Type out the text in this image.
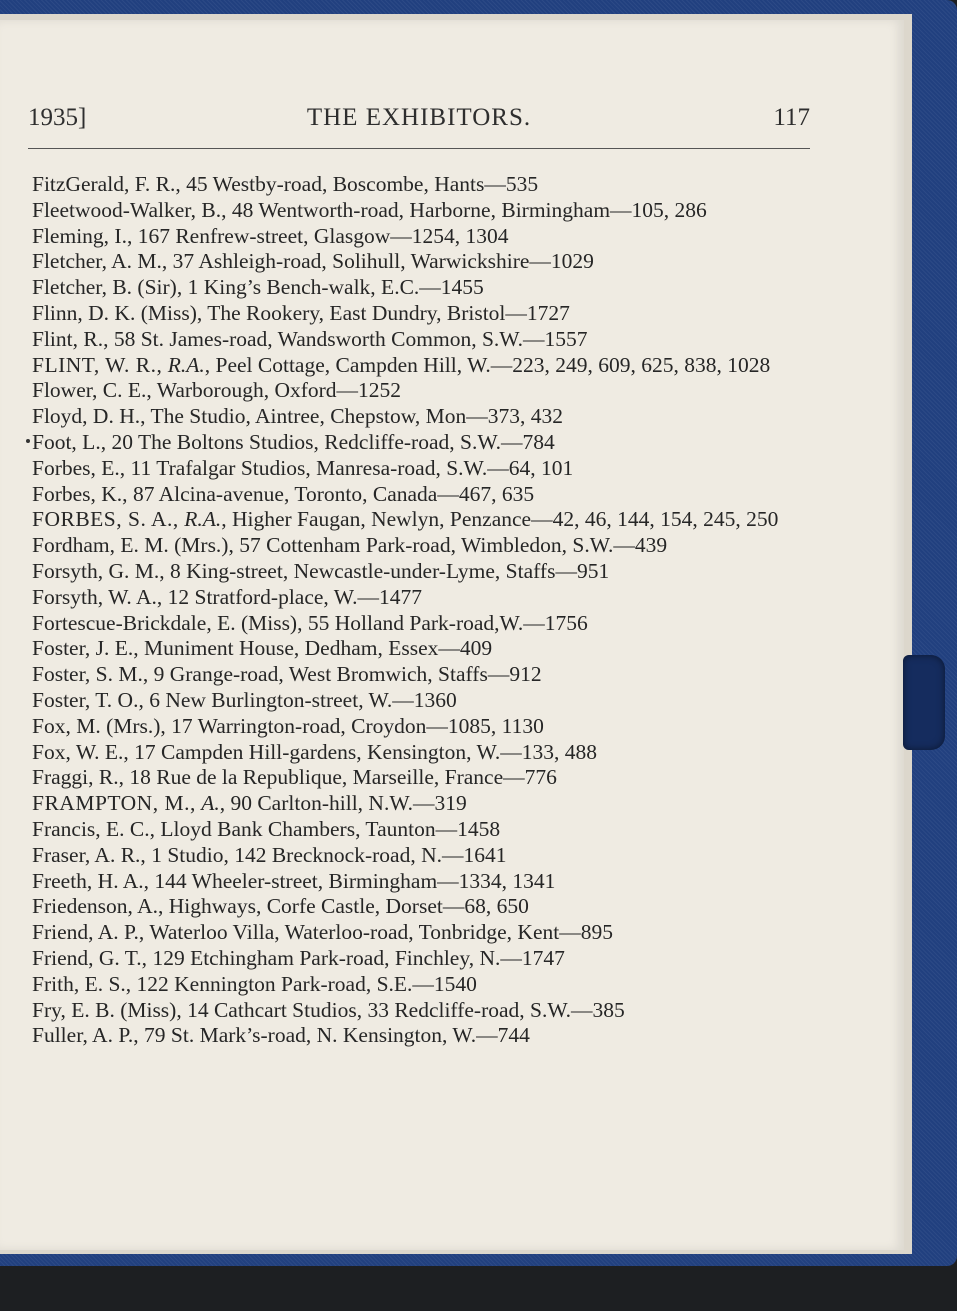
1935]	THE EXHIBITORS.	117
FitzGerald, F. R., 45 Westby-road, Boscombe, Hants—535
Fleetwood-Walker, B., 48 Wentworth-road, Harborne, Birmingham—105, 286
Fleming, I., 167 Renfrew-street, Glasgow—1254, 1304
Fletcher, A. M., 37 Ashleigh-road, Solihull, Warwickshire—1029
Fletcher, B. (Sir), 1 King’s Bench-walk, E.C.—1455
Flinn, D. K. (Miss), The Rookery, East Dundry, Bristol—1727
Flint, R., 58 St. James-road, Wandsworth Common, S.W.—1557
FLINT, W. R., R.A., Peel Cottage, Campden Hill, W.—223, 249, 609, 625, 838, 1028
Flower, C. E., Warborough, Oxford—1252
Floyd, D. H., The Studio, Aintree, Chepstow, Mon—373, 432
Foot, L., 20 The Boltons Studios, Redcliffe-road, S.W.—784
Forbes, E., 11 Trafalgar Studios, Manresa-road, S.W.—64, 101
Forbes, K., 87 Alcina-avenue, Toronto, Canada—467, 635
FORBES, S. A., R.A., Higher Faugan, Newlyn, Penzance—42, 46, 144, 154, 245, 250
Fordham, E. M. (Mrs.), 57 Cottenham Park-road, Wimbledon, S.W.—439
Forsyth, G. M., 8 King-street, Newcastle-under-Lyme, Staffs—951
Forsyth, W. A., 12 Stratford-place, W.—1477
Fortescue-Brickdale, E. (Miss), 55 Holland Park-road,W.—1756
Foster, J. E., Muniment House, Dedham, Essex—409
Foster, S. M., 9 Grange-road, West Bromwich, Staffs—912
Foster, T. O., 6 New Burlington-street, W.—1360
Fox, M. (Mrs.), 17 Warrington-road, Croydon—1085, 1130
Fox, W. E., 17 Campden Hill-gardens, Kensington, W.—133, 488
Fraggi, R., 18 Rue de la Republique, Marseille, France—776
FRAMPTON, M., A., 90 Carlton-hill, N.W.—319
Francis, E. C., Lloyd Bank Chambers, Taunton—1458
Fraser, A. R., 1 Studio, 142 Brecknock-road, N.—1641
Freeth, H. A., 144 Wheeler-street, Birmingham—1334, 1341
Friedenson, A., Highways, Corfe Castle, Dorset—68, 650
Friend, A. P., Waterloo Villa, Waterloo-road, Tonbridge, Kent—895
Friend, G. T., 129 Etchingham Park-road, Finchley, N.—1747
Frith, E. S., 122 Kennington Park-road, S.E.—1540
Fry, E. B. (Miss), 14 Cathcart Studios, 33 Redcliffe-road, S.W.—385
Fuller, A. P., 79 St. Mark’s-road, N. Kensington, W.—744
